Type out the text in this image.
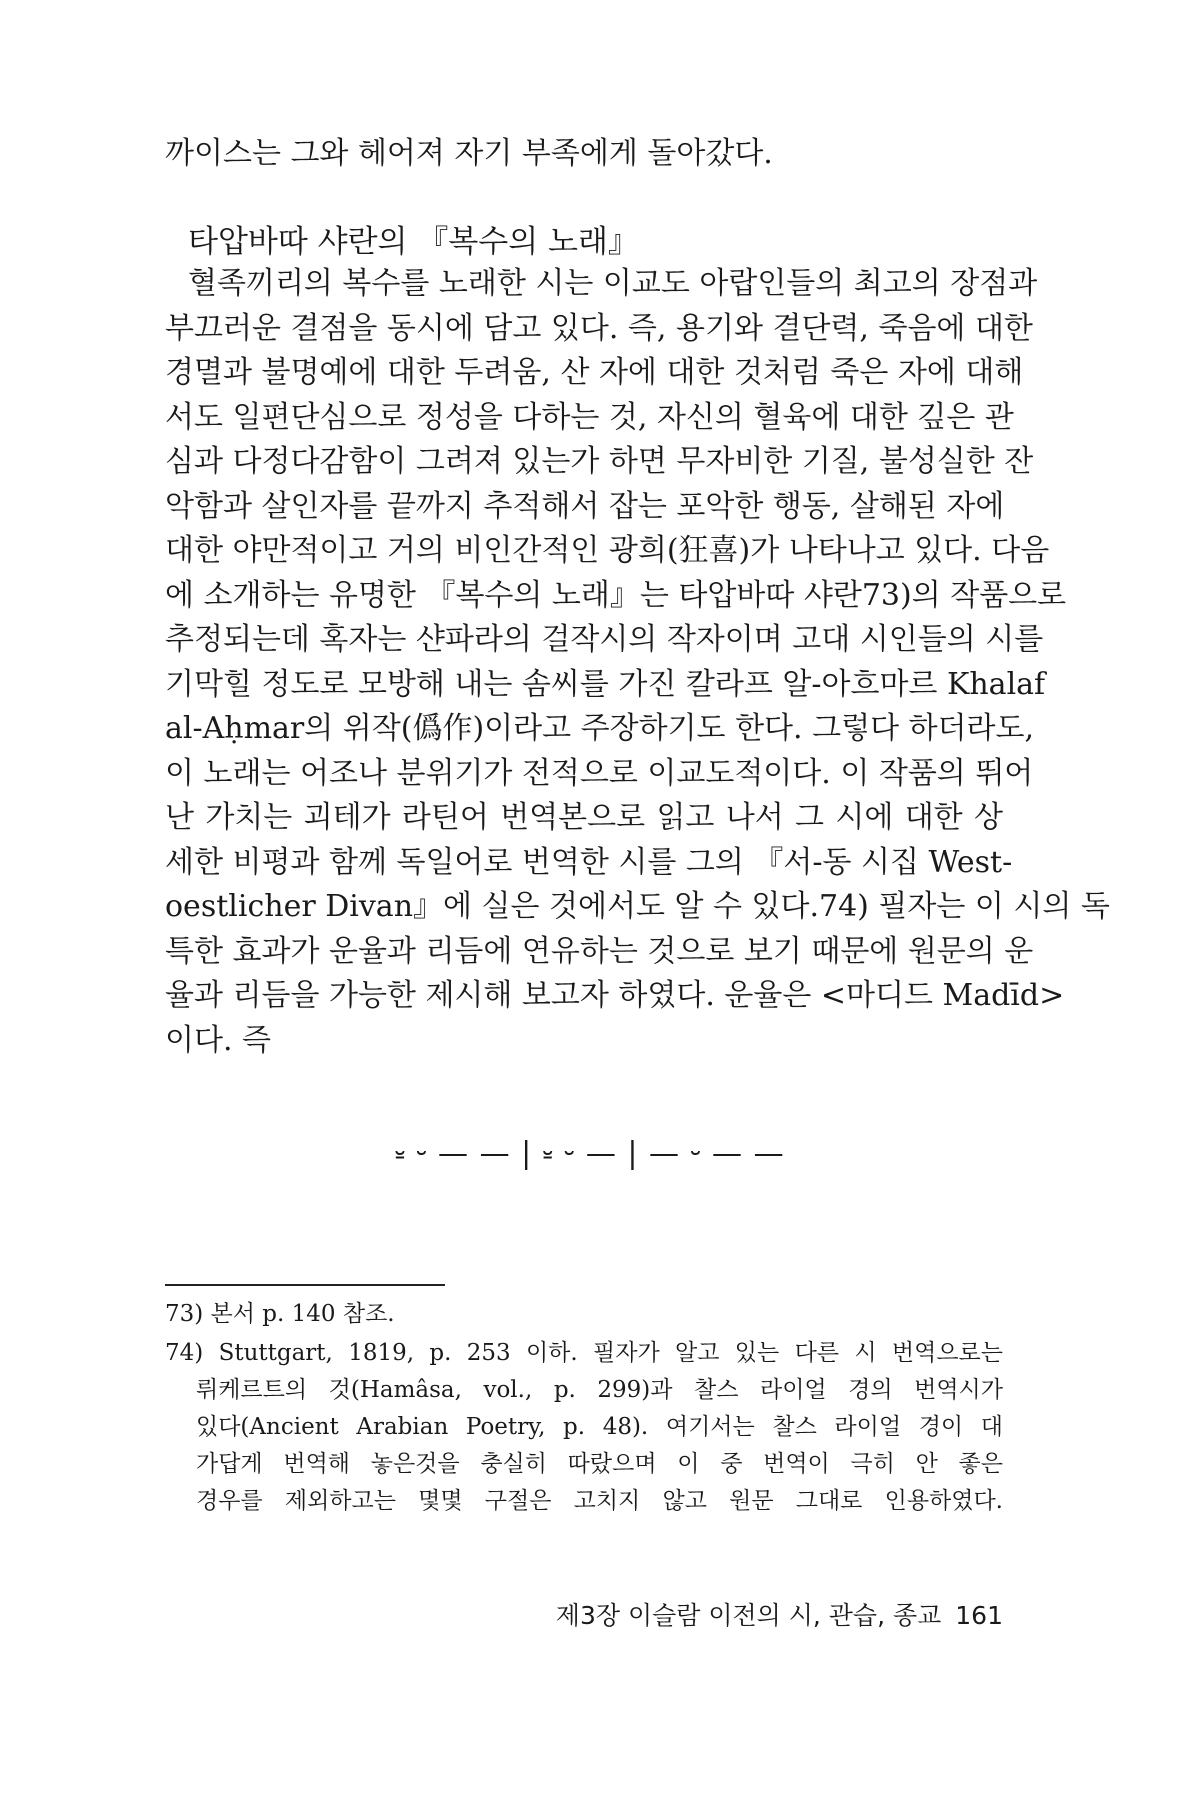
까이스는 그와 헤어져 자기 부족에게 돌아갔다.
타압바따 샤란의 『복수의 노래』
혈족끼리의 복수를 노래한 시는 이교도 아랍인들의 최고의 장점과
부끄러운 결점을 동시에 담고 있다. 즉, 용기와 결단력, 죽음에 대한
경멸과 불명예에 대한 두려움, 산 자에 대한 것처럼 죽은 자에 대해
서도 일편단심으로 정성을 다하는 것, 자신의 혈육에 대한 깊은 관
심과 다정다감함이 그려져 있는가 하면 무자비한 기질, 불성실한 잔
악함과 살인자를 끝까지 추적해서 잡는 포악한 행동, 살해된 자에
대한 야만적이고 거의 비인간적인 광희(狂喜)가 나타나고 있다. 다음
에 소개하는 유명한 『복수의 노래』는 타압바따 샤란73)의 작품으로
추정되는데 혹자는 샨파라의 걸작시의 작자이며 고대 시인들의 시를
기막힐 정도로 모방해 내는 솜씨를 가진 칼라프 알-아흐마르 Khalaf
al-Aḥmar의 위작(僞作)이라고 주장하기도 한다. 그렇다 하더라도,
이 노래는 어조나 분위기가 전적으로 이교도적이다. 이 작품의 뛰어
난 가치는 괴테가 라틴어 번역본으로 읽고 나서 그 시에 대한 상
세한 비평과 함께 독일어로 번역한 시를 그의 『서-동 시집 West-
oestlicher Divan』에 실은 것에서도 알 수 있다.74) 필자는 이 시의 독
특한 효과가 운율과 리듬에 연유하는 것으로 보기 때문에 원문의 운
율과 리듬을 가능한 제시해 보고자 하였다. 운율은 <마디드 Madīd>
이다. 즉
⏓ ⏑ — — | ⏓ ⏑ — | — ⏑ — —
73) 본서 p. 140 참조.
74) Stuttgart, 1819, p. 253 이하. 필자가 알고 있는 다른 시 번역으로는
뤼케르트의 것(Hamâsa, vol., p. 299)과 찰스 라이얼 경의 번역시가
있다(Ancient Arabian Poetry, p. 48). 여기서는 찰스 라이얼 경이 대
가답게 번역해 놓은것을 충실히 따랐으며 이 중 번역이 극히 안 좋은
경우를 제외하고는 몇몇 구절은 고치지 않고 원문 그대로 인용하였다.
제3장 이슬람 이전의 시, 관습, 종교 161
